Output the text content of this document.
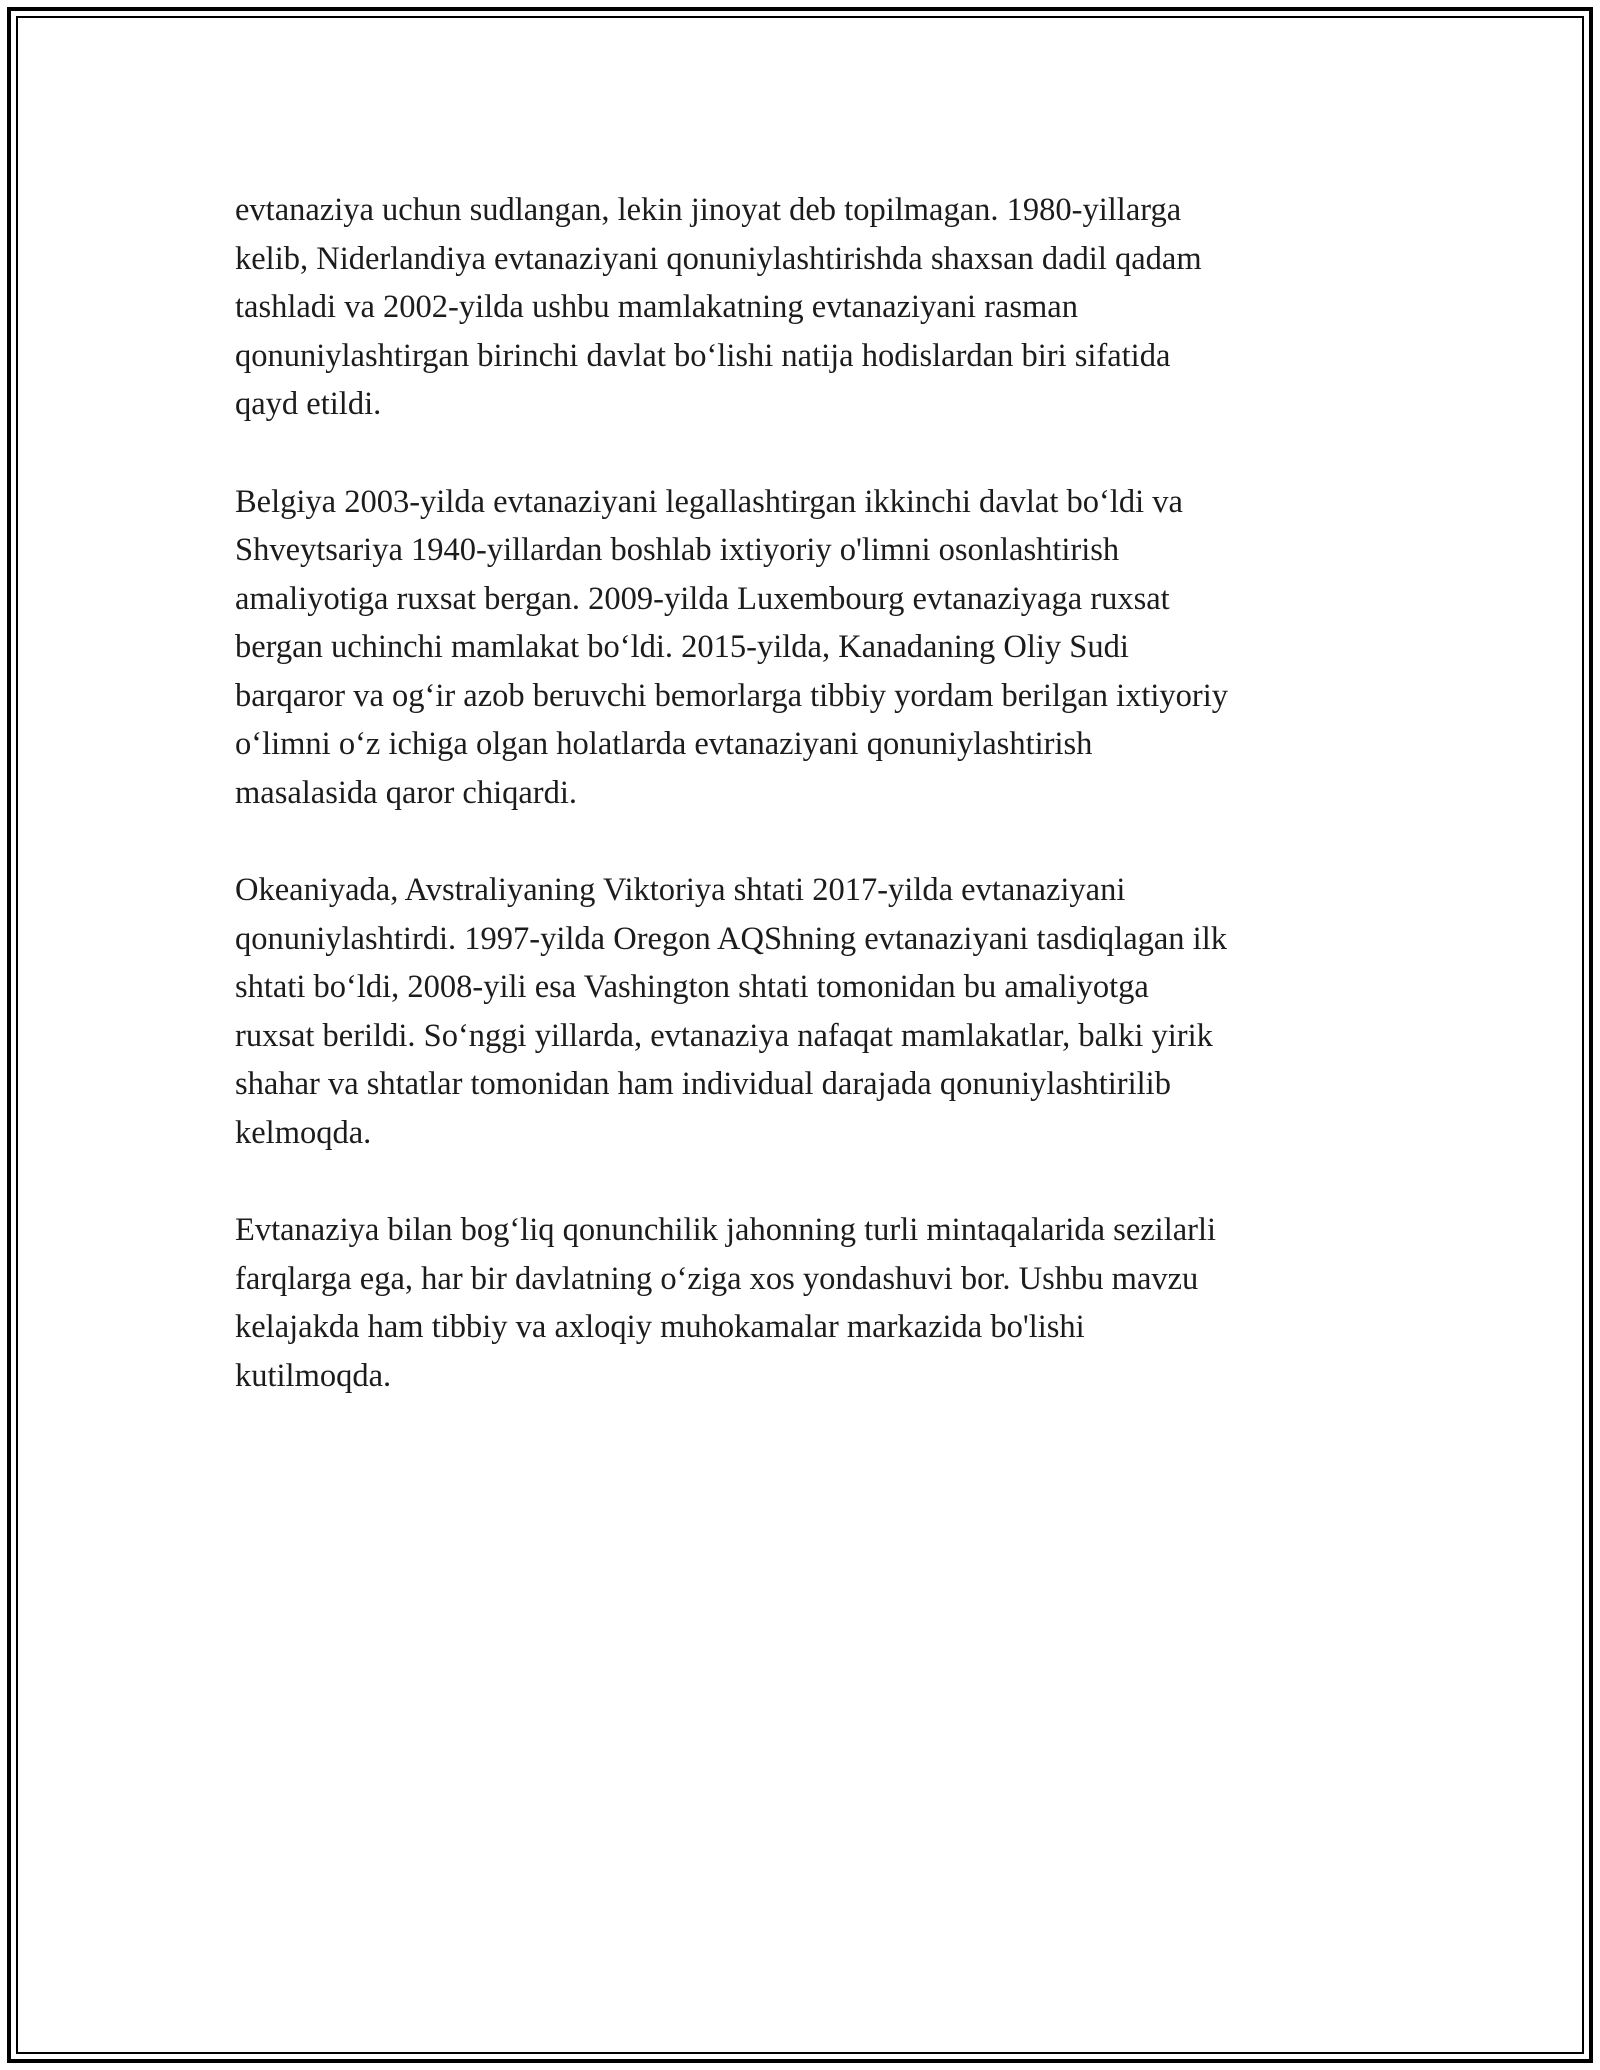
evtanaziya uchun sudlangan, lekin jinoyat deb topilmagan. 1980-yillarga
kelib, Niderlandiya evtanaziyani qonuniylashtirishda shaxsan dadil qadam
tashladi va 2002-yilda ushbu mamlakatning evtanaziyani rasman
qonuniylashtirgan birinchi davlat bo‘lishi natija hodislardan biri sifatida
qayd etildi.

Belgiya 2003-yilda evtanaziyani legallashtirgan ikkinchi davlat bo‘ldi va
Shveytsariya 1940-yillardan boshlab ixtiyoriy o'limni osonlashtirish
amaliyotiga ruxsat bergan. 2009-yilda Luxembourg evtanaziyaga ruxsat
bergan uchinchi mamlakat bo‘ldi. 2015-yilda, Kanadaning Oliy Sudi
barqaror va og‘ir azob beruvchi bemorlarga tibbiy yordam berilgan ixtiyoriy
o‘limni o‘z ichiga olgan holatlarda evtanaziyani qonuniylashtirish
masalasida qaror chiqardi.

Okeaniyada, Avstraliyaning Viktoriya shtati 2017-yilda evtanaziyani
qonuniylashtirdi. 1997-yilda Oregon AQShning evtanaziyani tasdiqlagan ilk
shtati bo‘ldi, 2008-yili esa Vashington shtati tomonidan bu amaliyotga
ruxsat berildi. So‘nggi yillarda, evtanaziya nafaqat mamlakatlar, balki yirik
shahar va shtatlar tomonidan ham individual darajada qonuniylashtirilib
kelmoqda.

Evtanaziya bilan bog‘liq qonunchilik jahonning turli mintaqalarida sezilarli
farqlarga ega, har bir davlatning o‘ziga xos yondashuvi bor. Ushbu mavzu
kelajakda ham tibbiy va axloqiy muhokamalar markazida bo'lishi
kutilmoqda.
